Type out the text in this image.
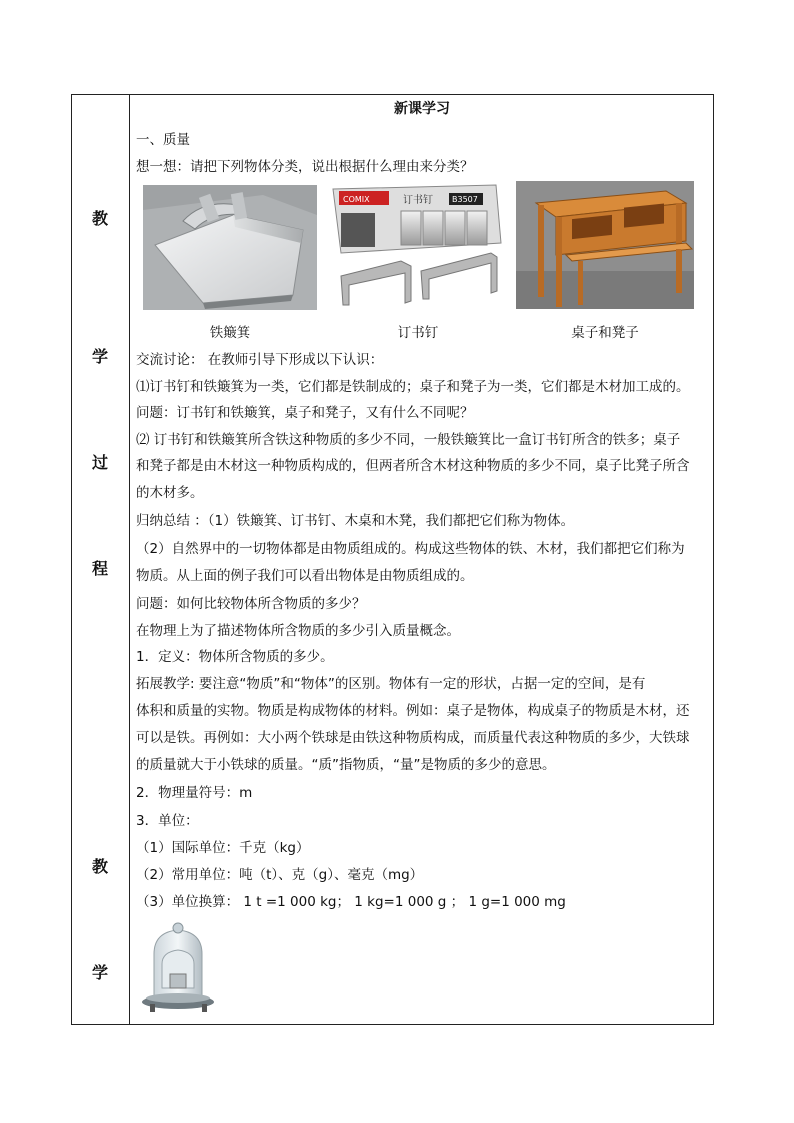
教
学
过
程
教
学
新课学习
一、质量
想一想：请把下列物体分类，说出根据什么理由来分类？
COMIX	订书钉 B3507
铁簸箕	订书钉	桌子和凳子
交流讨论： 在教师引导下形成以下认识：
⑴订书钉和铁簸箕为一类，它们都是铁制成的；桌子和凳子为一类，它们都是木材加工成的。
问题：订书钉和铁簸箕，桌子和凳子，又有什么不同呢？
⑵ 订书钉和铁簸箕所含铁这种物质的多少不同，一般铁簸箕比一盒订书钉所含的铁多；桌子
和凳子都是由木材这一种物质构成的，但两者所含木材这种物质的多少不同，桌子比凳子所含
的木材多。
归纳总结 ：（1）铁簸箕、订书钉、木桌和木凳，我们都把它们称为物体。
（2）自然界中的一切物体都是由物质组成的。构成这些物体的铁、木材，我们都把它们称为
物质。从上面的例子我们可以看出物体是由物质组成的。
问题：如何比较物体所含物质的多少？
在物理上为了描述物体所含物质的多少引入质量概念。
1．定义：物体所含物质的多少。
拓展教学: 要注意“物质”和“物体”的区别。物体有一定的形状，占据一定的空间，是有
体积和质量的实物。物质是构成物体的材料。例如：桌子是物体，构成桌子的物质是木材，还
可以是铁。再例如：大小两个铁球是由铁这种物质构成，而质量代表这种物质的多少，大铁球
的质量就大于小铁球的质量。“质”指物质，“量”是物质的多少的意思。
2．物理量符号：m
3．单位：
（1）国际单位：千克（kg）
（2）常用单位：吨（t）、克（g）、毫克（mg）
（3）单位换算： 1 t =1 000 kg； 1 kg=1 000 g ； 1 g=1 000 mg
